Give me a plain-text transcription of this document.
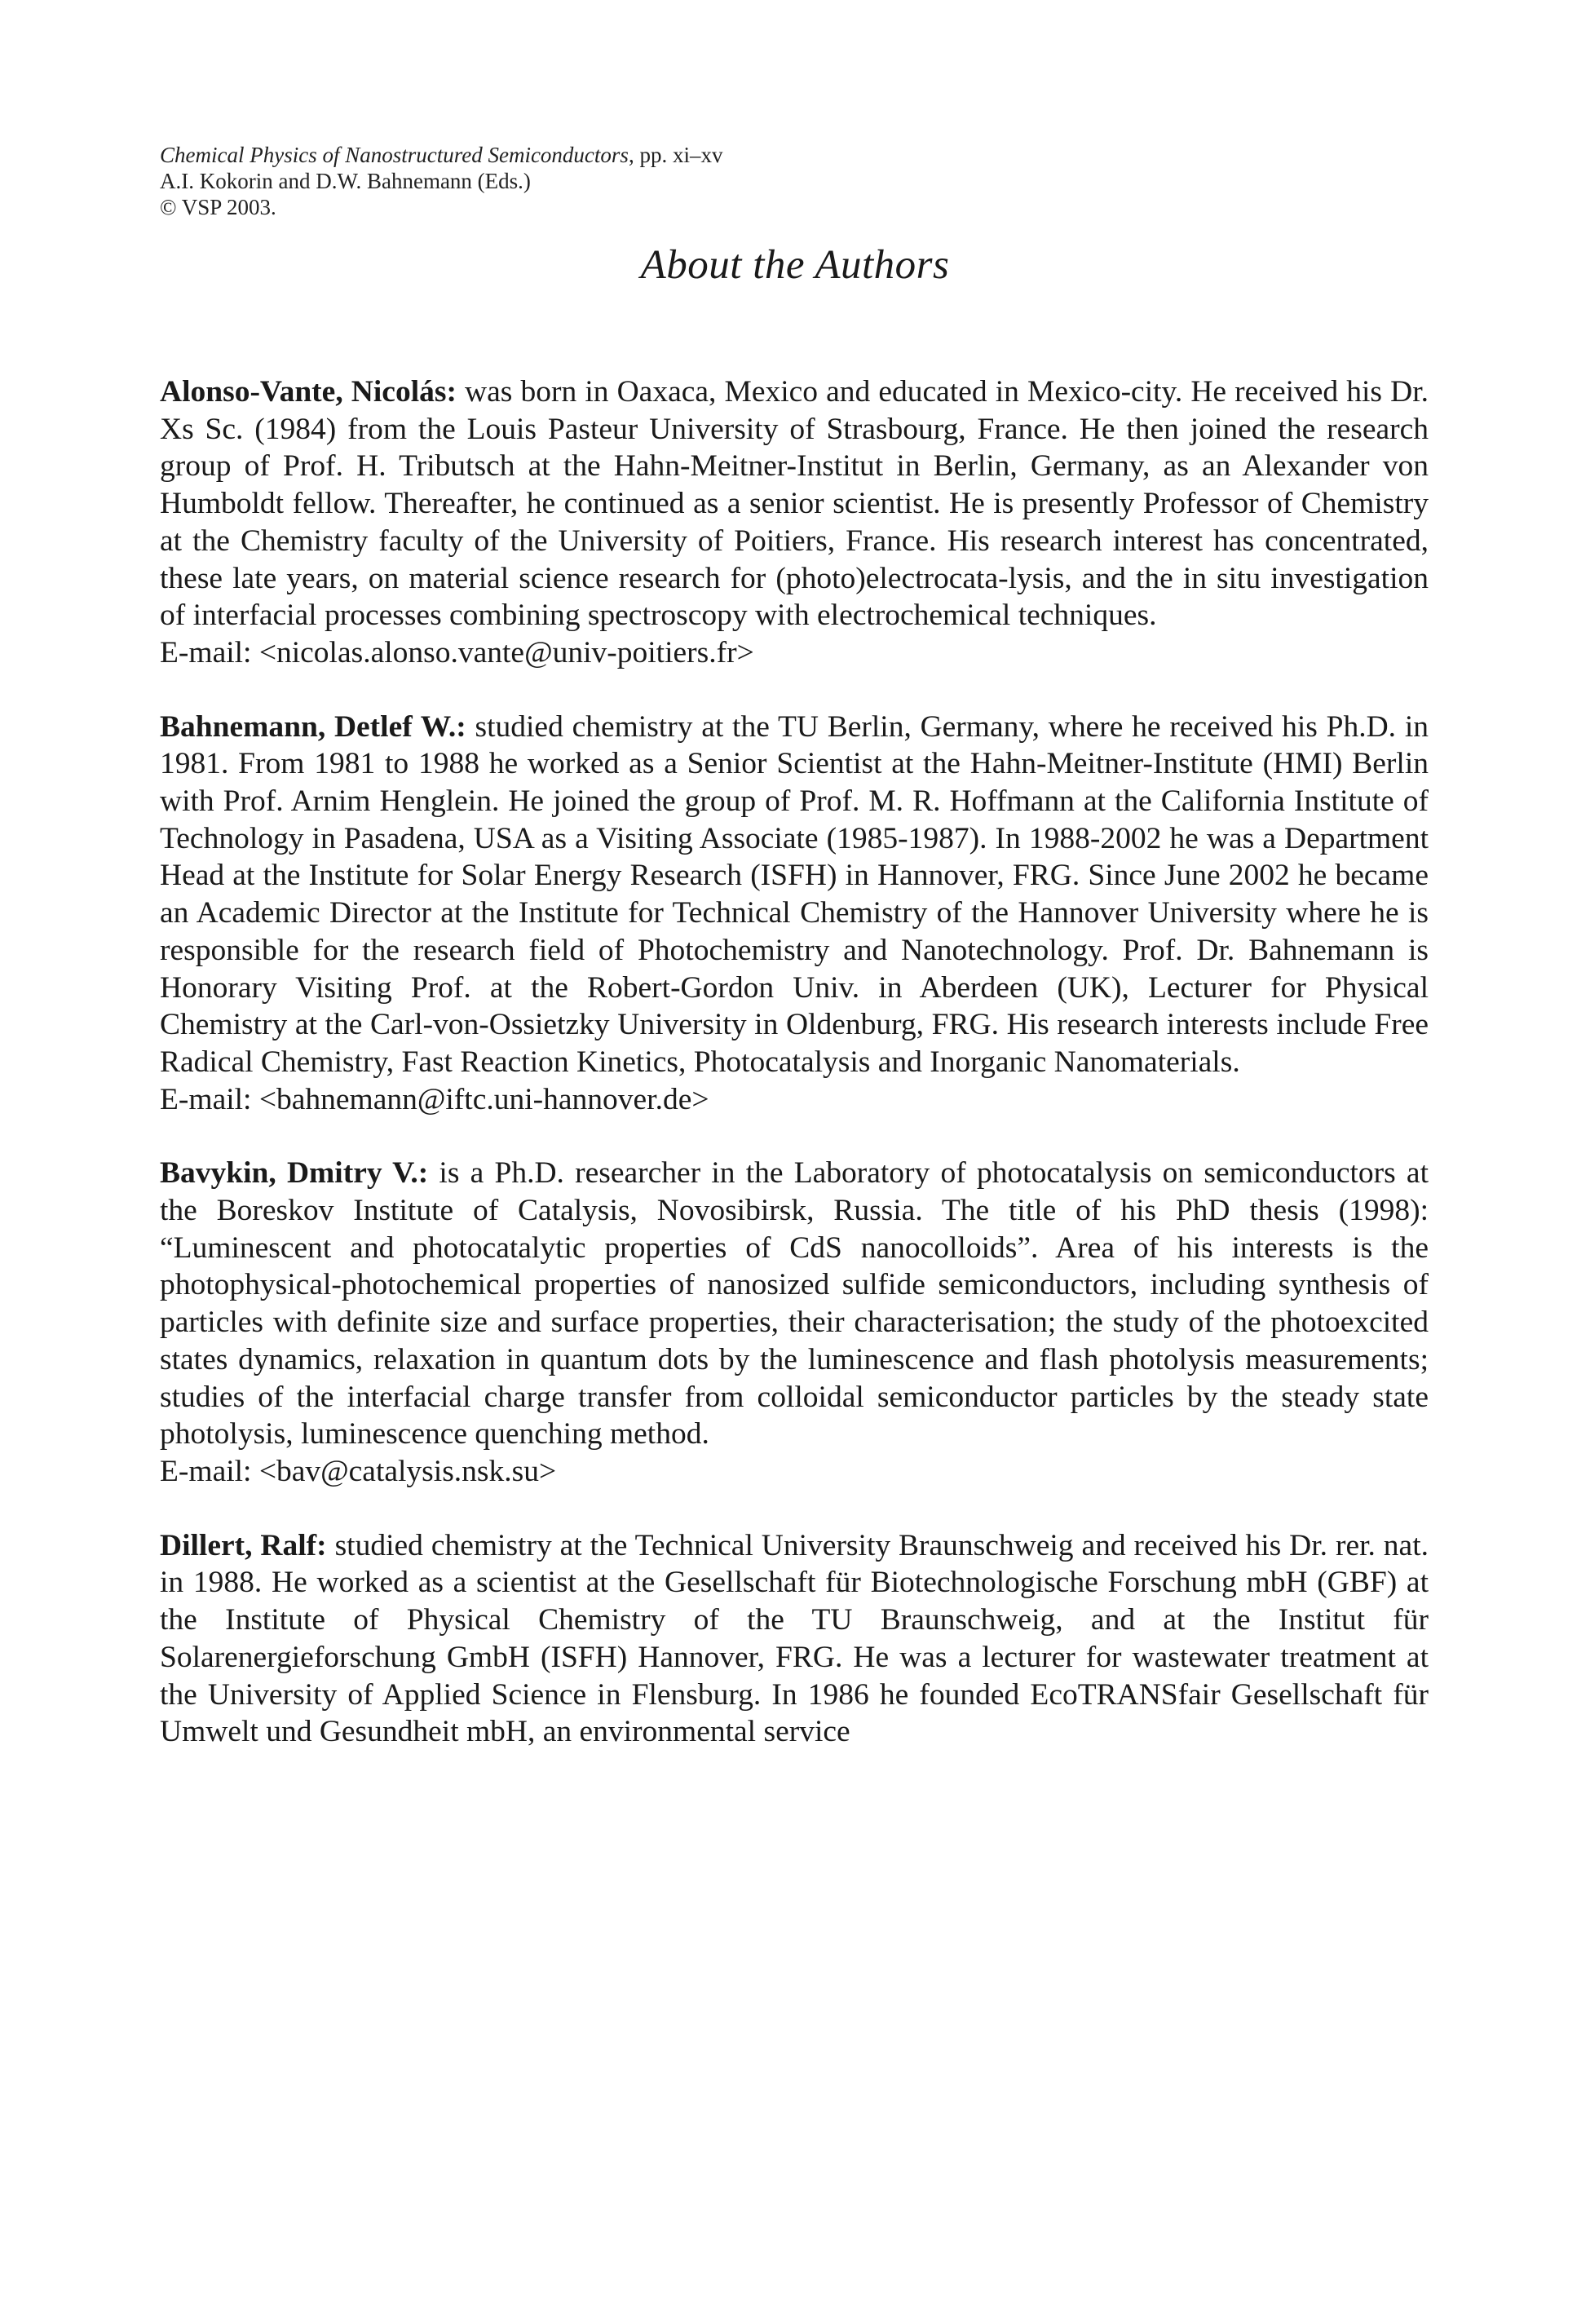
Chemical Physics of Nanostructured Semiconductors, pp. xi–xv
A.I. Kokorin and D.W. Bahnemann (Eds.)
© VSP 2003.
About the Authors

Alonso-Vante, Nicolás: was born in Oaxaca, Mexico and educated in Mexico-city. He received his Dr. Xs Sc. (1984) from the Louis Pasteur University of Strasbourg, France. He then joined the research group of Prof. H. Tributsch at the Hahn-Meitner-Institut in Berlin, Germany, as an Alexander von Humboldt fellow. Thereafter, he continued as a senior scientist. He is presently Professor of Chemistry at the Chemistry faculty of the University of Poitiers, France. His research interest has concentrated, these late years, on material science research for (photo)electrocata-lysis, and the in situ investigation of interfacial processes combining spectroscopy with electrochemical techniques.

E-mail: <nicolas.alonso.vante@univ-poitiers.fr>

Bahnemann, Detlef W.: studied chemistry at the TU Berlin, Germany, where he received his Ph.D. in 1981. From 1981 to 1988 he worked as a Senior Scientist at the Hahn-Meitner-Institute (HMI) Berlin with Prof. Arnim Henglein. He joined the group of Prof. M. R. Hoffmann at the California Institute of Technology in Pasadena, USA as a Visiting Associate (1985-1987). In 1988-2002 he was a Department Head at the Institute for Solar Energy Research (ISFH) in Hannover, FRG. Since June 2002 he became an Academic Director at the Institute for Technical Chemistry of the Hannover University where he is responsible for the research field of Photochemistry and Nanotechnology. Prof. Dr. Bahnemann is Honorary Visiting Prof. at the Robert-Gordon Univ. in Aberdeen (UK), Lecturer for Physical Chemistry at the Carl-von-Ossietzky University in Oldenburg, FRG. His research interests include Free Radical Chemistry, Fast Reaction Kinetics, Photocatalysis and Inorganic Nanomaterials.

E-mail: <bahnemann@iftc.uni-hannover.de>

Bavykin, Dmitry V.: is a Ph.D. researcher in the Laboratory of photocatalysis on semiconductors at the Boreskov Institute of Catalysis, Novosibirsk, Russia. The title of his PhD thesis (1998): “Luminescent and photocatalytic properties of CdS nanocolloids”. Area of his interests is the photophysical-photochemical properties of nanosized sulfide semiconductors, including synthesis of particles with definite size and surface properties, their characterisation; the study of the photoexcited states dynamics, relaxation in quantum dots by the luminescence and flash photolysis measurements; studies of the interfacial charge transfer from colloidal semiconductor particles by the steady state photolysis, luminescence quenching method.

E-mail: <bav@catalysis.nsk.su>

Dillert, Ralf: studied chemistry at the Technical University Braunschweig and received his Dr. rer. nat. in 1988. He worked as a scientist at the Gesellschaft für Biotechnologische Forschung mbH (GBF) at the Institute of Physical Chemistry of the TU Braunschweig, and at the Institut für Solarenergieforschung GmbH (ISFH) Hannover, FRG. He was a lecturer for wastewater treatment at the University of Applied Science in Flensburg. In 1986 he founded EcoTRANSfair Gesellschaft für Umwelt und Gesundheit mbH, an environmental service
